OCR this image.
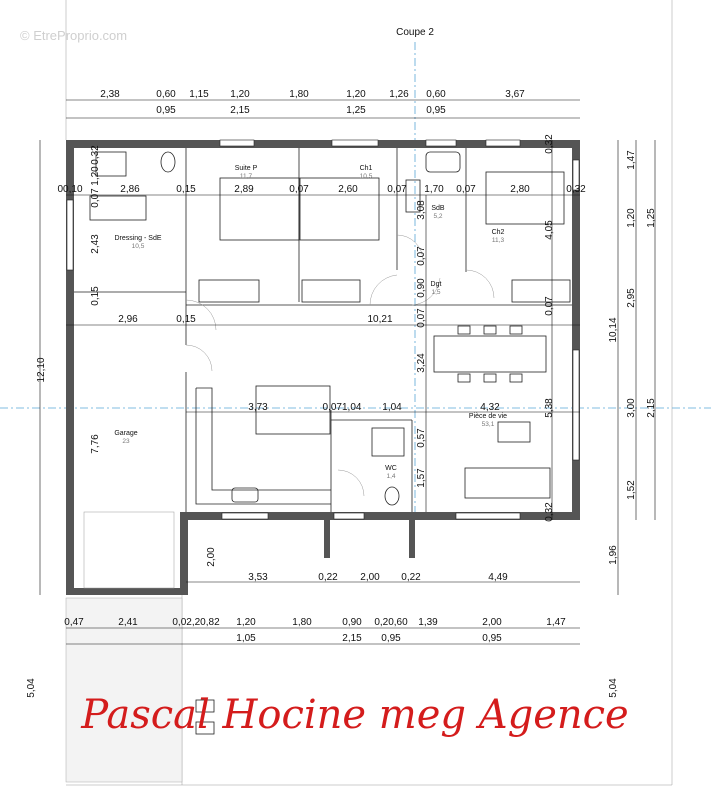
© EtreProprio.com	Coupe 2
2,38	0,60 1,15 1,20	1,80	1,20 1,26 0,60	3,67
0,95	2,15	1,25	0,95
Suite P
11,7
Ch1
10,5
SdB
5,2
Ch2
11,3
Dressing - SdE
10,5
Dgt
1,5
Garage
23
Pièce de vie
53,1
WC
1,4
00,10	2,86	0,15	2,89	0,07	2,60	0,07 1,70 0,07	2,80	0,32
2,96	0,15	10,21
3,73	0,071,04 1,04	4,32
3,53	0,22 2,00 0,22	4,49
0,47	2,41	0,02,20,82 1,20	1,80	0,90 0,20,60 1,39	2,00	1,47
1,05	2,15 0,95	0,95
12,10
0,32
1,20
0,07
2,43
0,15
7,76
2,00
5,04
3,08
0,07
0,90
0,07
3,24
0,57
1,57
0,32
4,05
0,07
5,38
0,32
1,47
1,20 1,25
2,95
10,14
3,00 2,15
1,52
1,96
5,04
Pascal Hocine meg Agence
